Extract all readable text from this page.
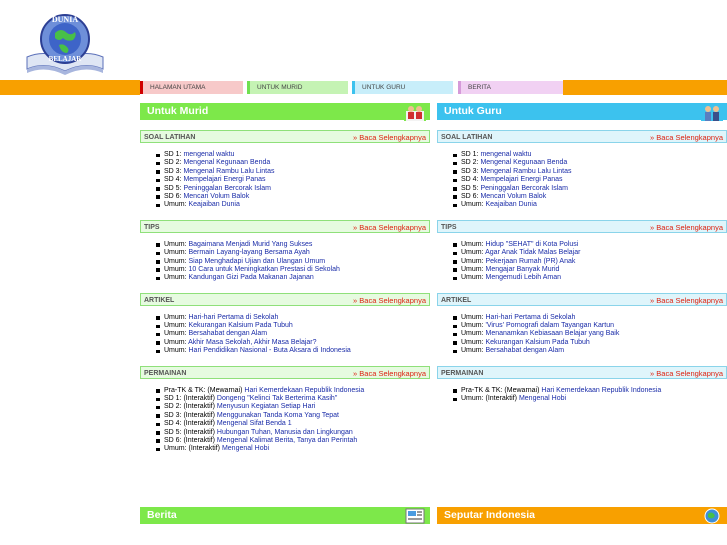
DUNIA
BELAJAR
HALAMAN UTAMA	UNTUK MURID	UNTUK GURU	BERITA
Untuk Murid
SOAL LATIHAN	» Baca Selengkapnya
SD 1: mengenal waktu
SD 2: Mengenal Kegunaan Benda
SD 3: Mengenal Rambu Lalu Lintas
SD 4: Mempelajari Energi Panas
SD 5: Peninggalan Bercorak Islam
SD 6: Mencari Volum Balok
Umum: Keajaiban Dunia
TIPS	» Baca Selengkapnya
Umum: Bagaimana Menjadi Murid Yang Sukses
Umum: Bermain Layang-layang Bersama Ayah
Umum: Siap Menghadapi Ujian dan Ulangan Umum
Umum: 10 Cara untuk Meningkatkan Prestasi di Sekolah
Umum: Kandungan Gizi Pada Makanan Jajanan
ARTIKEL	» Baca Selengkapnya
Umum: Hari-hari Pertama di Sekolah
Umum: Kekurangan Kalsium Pada Tubuh
Umum: Bersahabat dengan Alam
Umum: Akhir Masa Sekolah, Akhir Masa Belajar?
Umum: Hari Pendidikan Nasional - Buta Aksara di Indonesia
PERMAINAN	» Baca Selengkapnya
Pra-TK & TK: (Mewarnai) Hari Kemerdekaan Republik Indonesia
SD 1: (Interaktif) Dongeng "Kelinci Tak Berterima Kasih"
SD 2: (Interaktif) Menyusun Kegiatan Setiap Hari
SD 3: (Interaktif) Menggunakan Tanda Koma Yang Tepat
SD 4: (Interaktif) Mengenal Sifat Benda 1
SD 5: (Interaktif) Hubungan Tuhan, Manusia dan Lingkungan
SD 6: (Interaktif) Mengenal Kalimat Berita, Tanya dan Perintah
Umum: (Interaktif) Mengenal Hobi
Untuk Guru
SOAL LATIHAN	» Baca Selengkapnya
SD 1: mengenal waktu
SD 2: Mengenal Kegunaan Benda
SD 3: Mengenal Rambu Lalu Lintas
SD 4: Mempelajari Energi Panas
SD 5: Peninggalan Bercorak Islam
SD 6: Mencari Volum Balok
Umum: Keajaiban Dunia
TIPS	» Baca Selengkapnya
Umum: Hidup "SEHAT" di Kota Polusi
Umum: Agar Anak Tidak Malas Belajar
Umum: Pekerjaan Rumah (PR) Anak
Umum: Mengajar Banyak Murid
Umum: Mengemudi Lebih Aman
ARTIKEL	» Baca Selengkapnya
Umum: Hari-hari Pertama di Sekolah
Umum: 'Virus' Pornografi dalam Tayangan Kartun
Umum: Menanamkan Kebiasaan Belajar yang Baik
Umum: Kekurangan Kalsium Pada Tubuh
Umum: Bersahabat dengan Alam
PERMAINAN	» Baca Selengkapnya
Pra-TK & TK: (Mewarnai) Hari Kemerdekaan Republik Indonesia
Umum: (Interaktif) Mengenal Hobi
Berita	Seputar Indonesia
